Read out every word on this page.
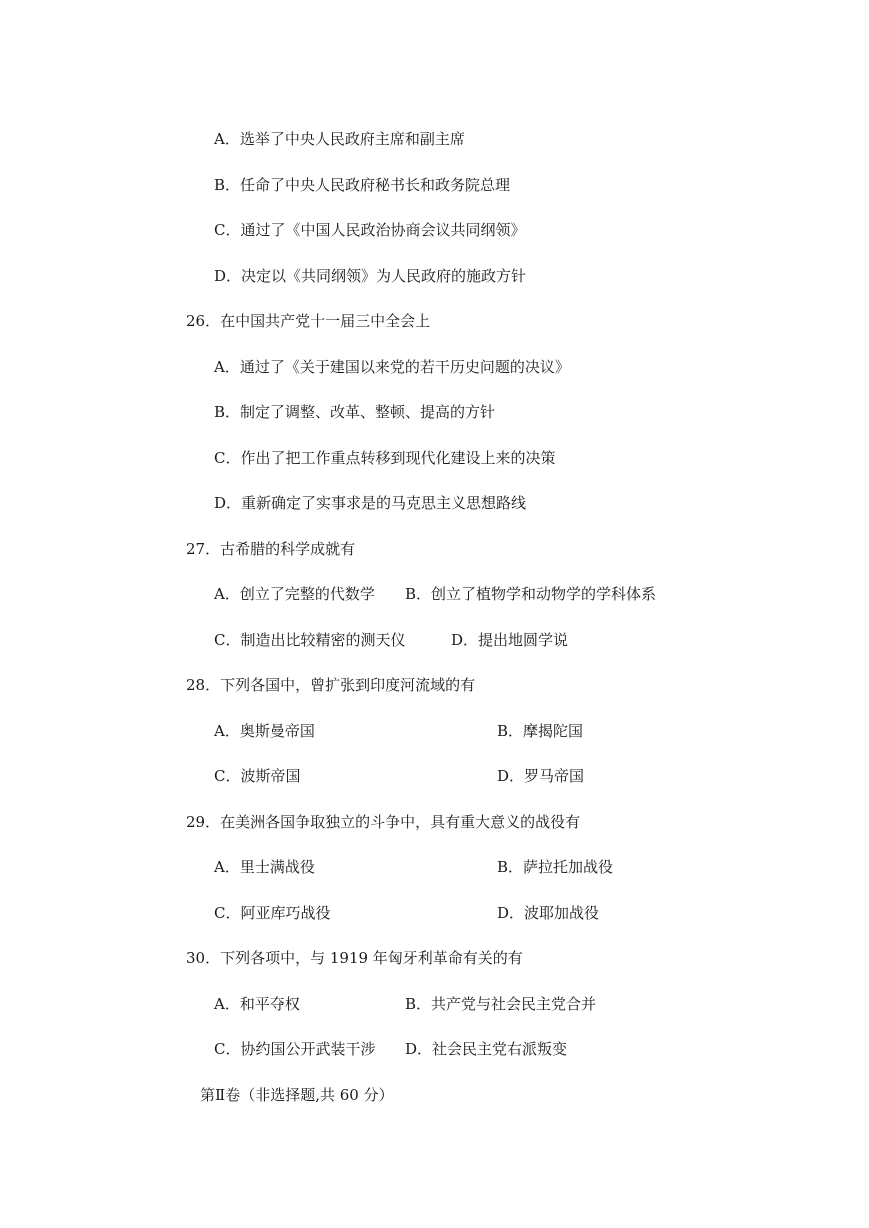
A．选举了中央人民政府主席和副主席
B．任命了中央人民政府秘书长和政务院总理
C．通过了《中国人民政治协商会议共同纲领》
D．决定以《共同纲领》为人民政府的施政方针
26．在中国共产党十一届三中全会上
A．通过了《关于建国以来党的若干历史问题的决议》
B．制定了调整、改革、整顿、提高的方针
C．作出了把工作重点转移到现代化建设上来的决策
D．重新确定了实事求是的马克思主义思想路线
27．古希腊的科学成就有
A．创立了完整的代数学 B．创立了植物学和动物学的学科体系
C．制造出比较精密的测天仪	D．提出地圆学说
28．下列各国中，曾扩张到印度河流域的有
A．奥斯曼帝国	B．摩揭陀国
C．波斯帝国	D．罗马帝国
29．在美洲各国争取独立的斗争中，具有重大意义的战役有
A．里士满战役	B．萨拉托加战役
C．阿亚库巧战役	D．波耶加战役
30．下列各项中，与 1919 年匈牙利革命有关的有
A．和平夺权	B．共产党与社会民主党合并
C．协约国公开武装干涉 D．社会民主党右派叛变
第Ⅱ卷（非选择题,共 60 分）
